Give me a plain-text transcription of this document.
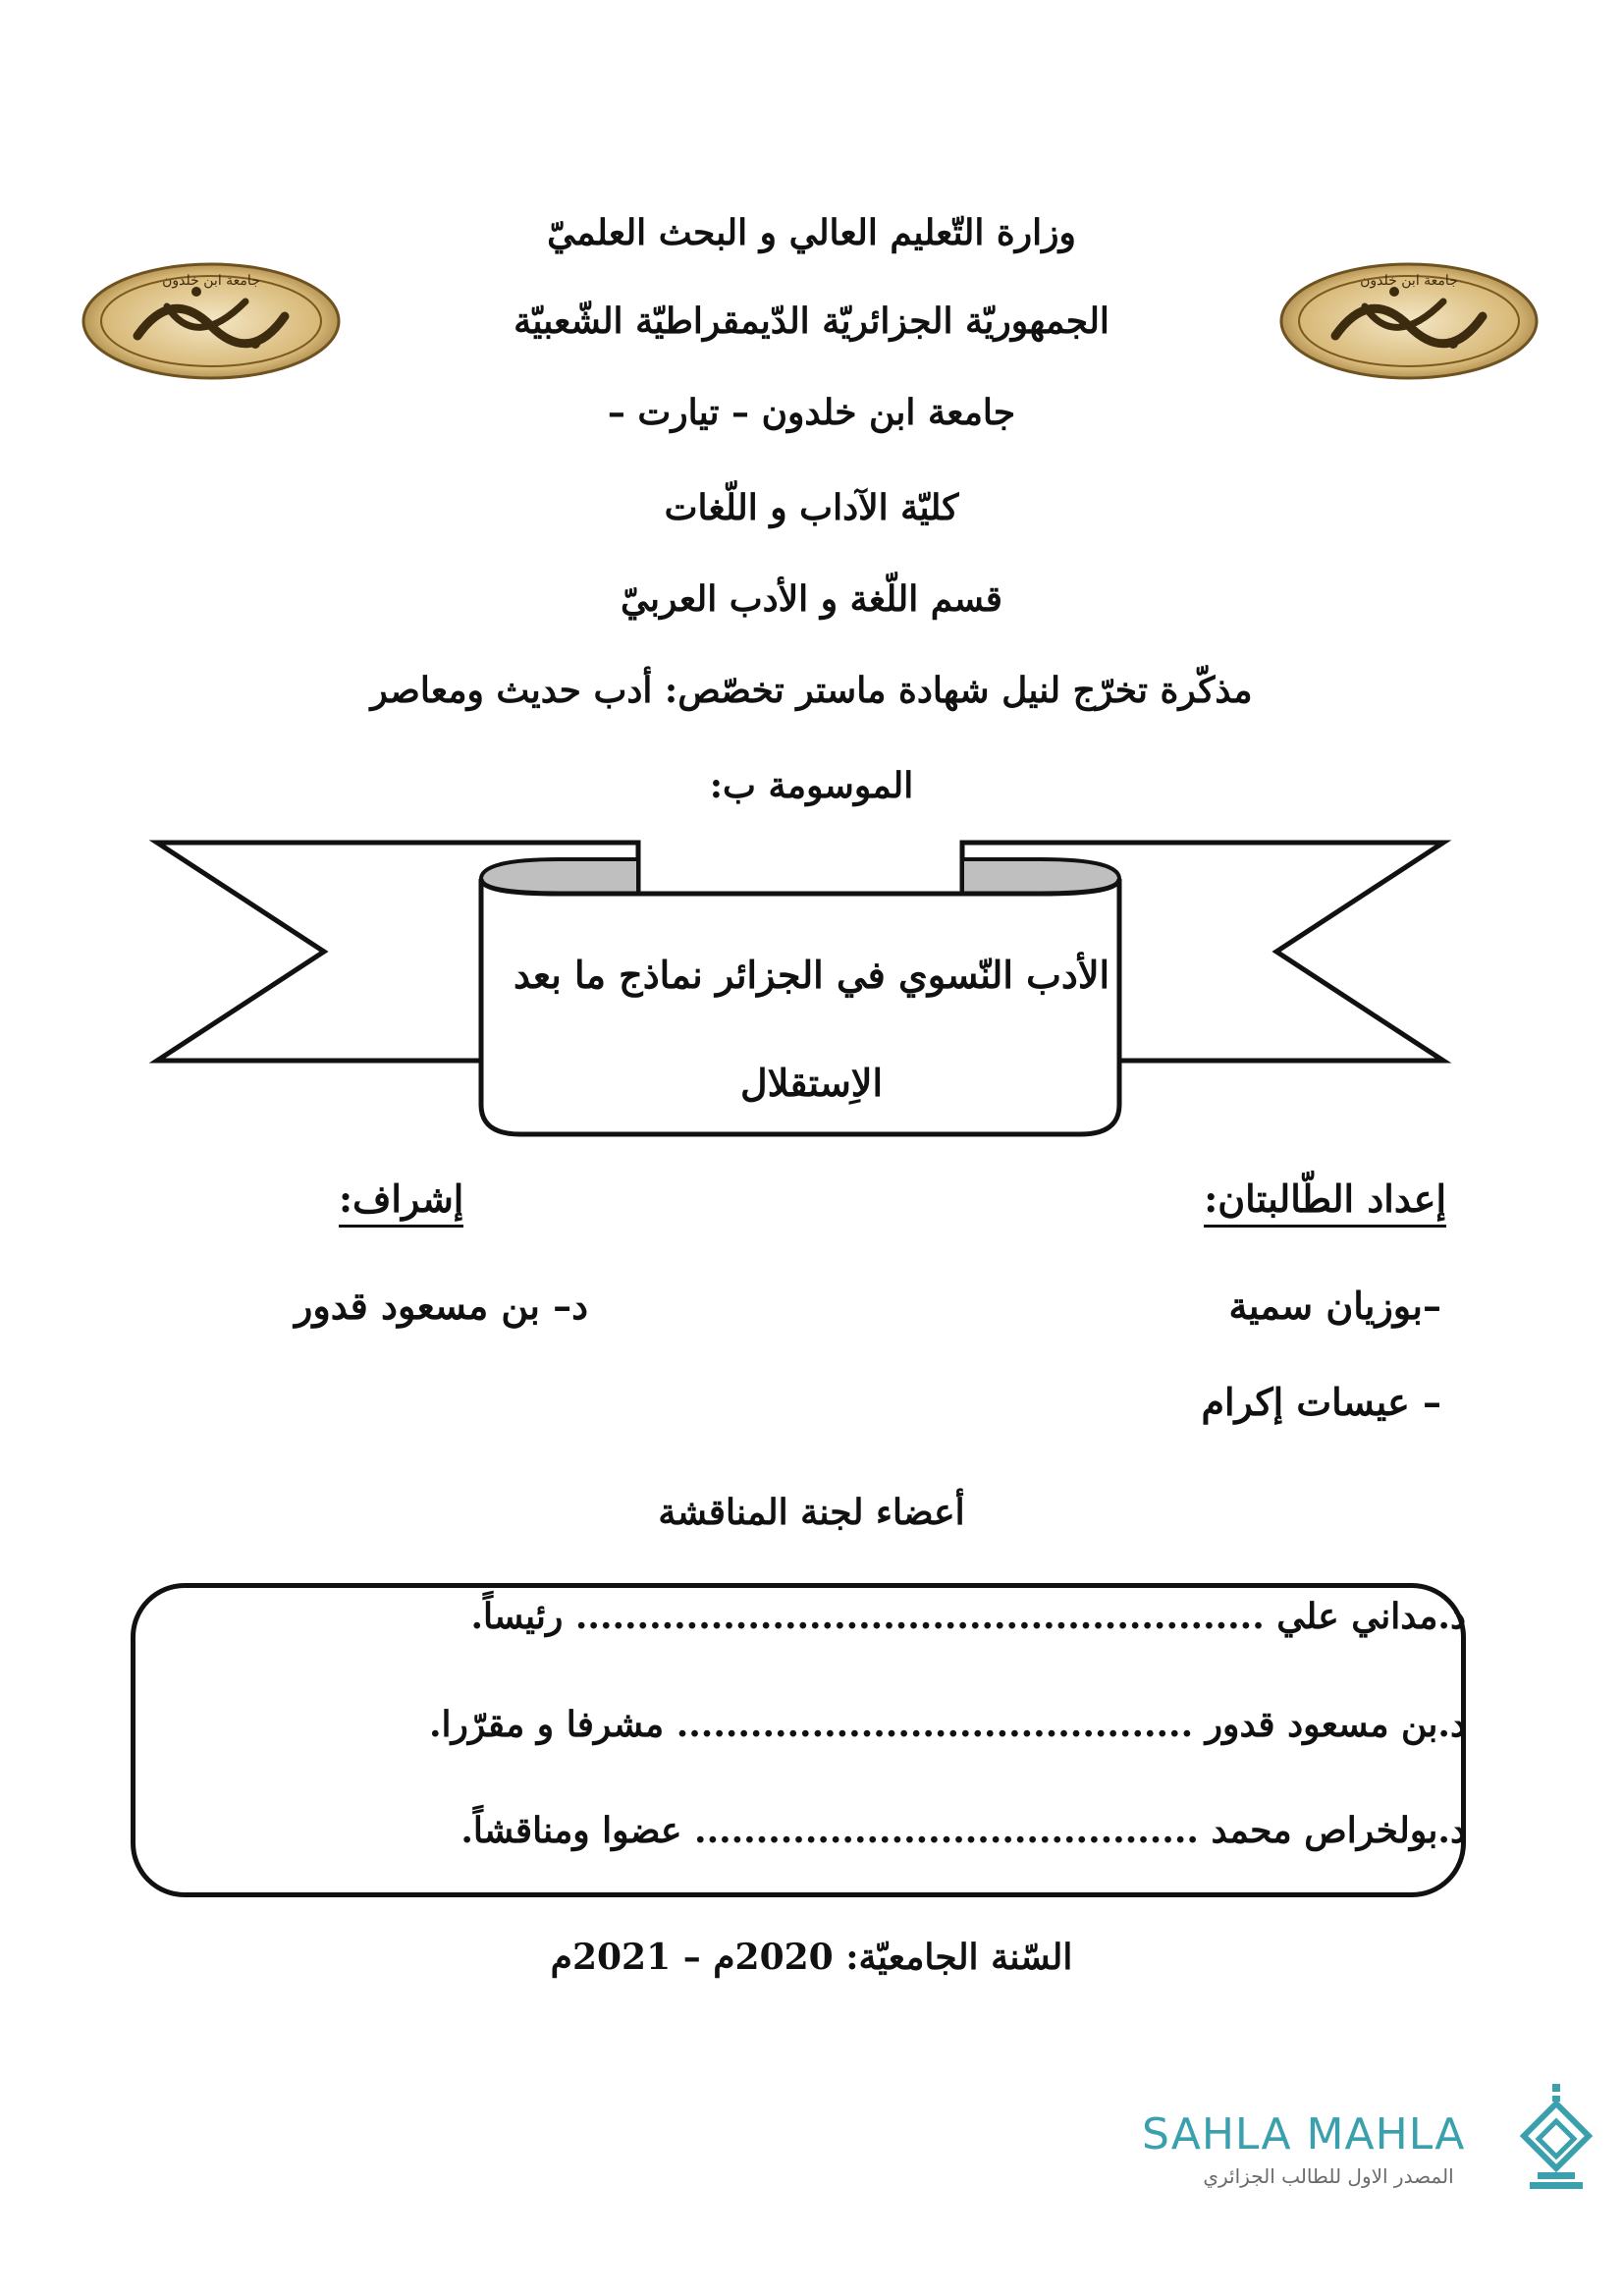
جامعة ابن خلدون	جامعة ابن خلدون
وزارة التّعليم العالي و البحث العلميّ
الجمهوريّة الجزائريّة الدّيمقراطيّة الشّعبيّة
جامعة ابن خلدون – تيارت –
كليّة الآداب و اللّغات
قسم اللّغة و الأدب العربيّ
مذكّرة تخرّج لنيل شهادة ماستر تخصّص: أدب حديث ومعاصر
الموسومة ب:
الأدب النّسوي في الجزائر نماذج ما بعد
الاِستقلال
إعداد الطّالبتان:
إشراف:
–بوزيان سمية
د– بن مسعود قدور
– عيسات إكرام
أعضاء لجنة المناقشة
د.مداني علي ........................................................ رئيساً.
د.بن مسعود قدور .......................................... مشرفا و مقرّرا.
د.بولخراص محمد ......................................... عضوا ومناقشاً.
السّنة الجامعيّة: 2020م – 2021م
SAHLA MAHLA
المصدر الاول للطالب الجزائري
